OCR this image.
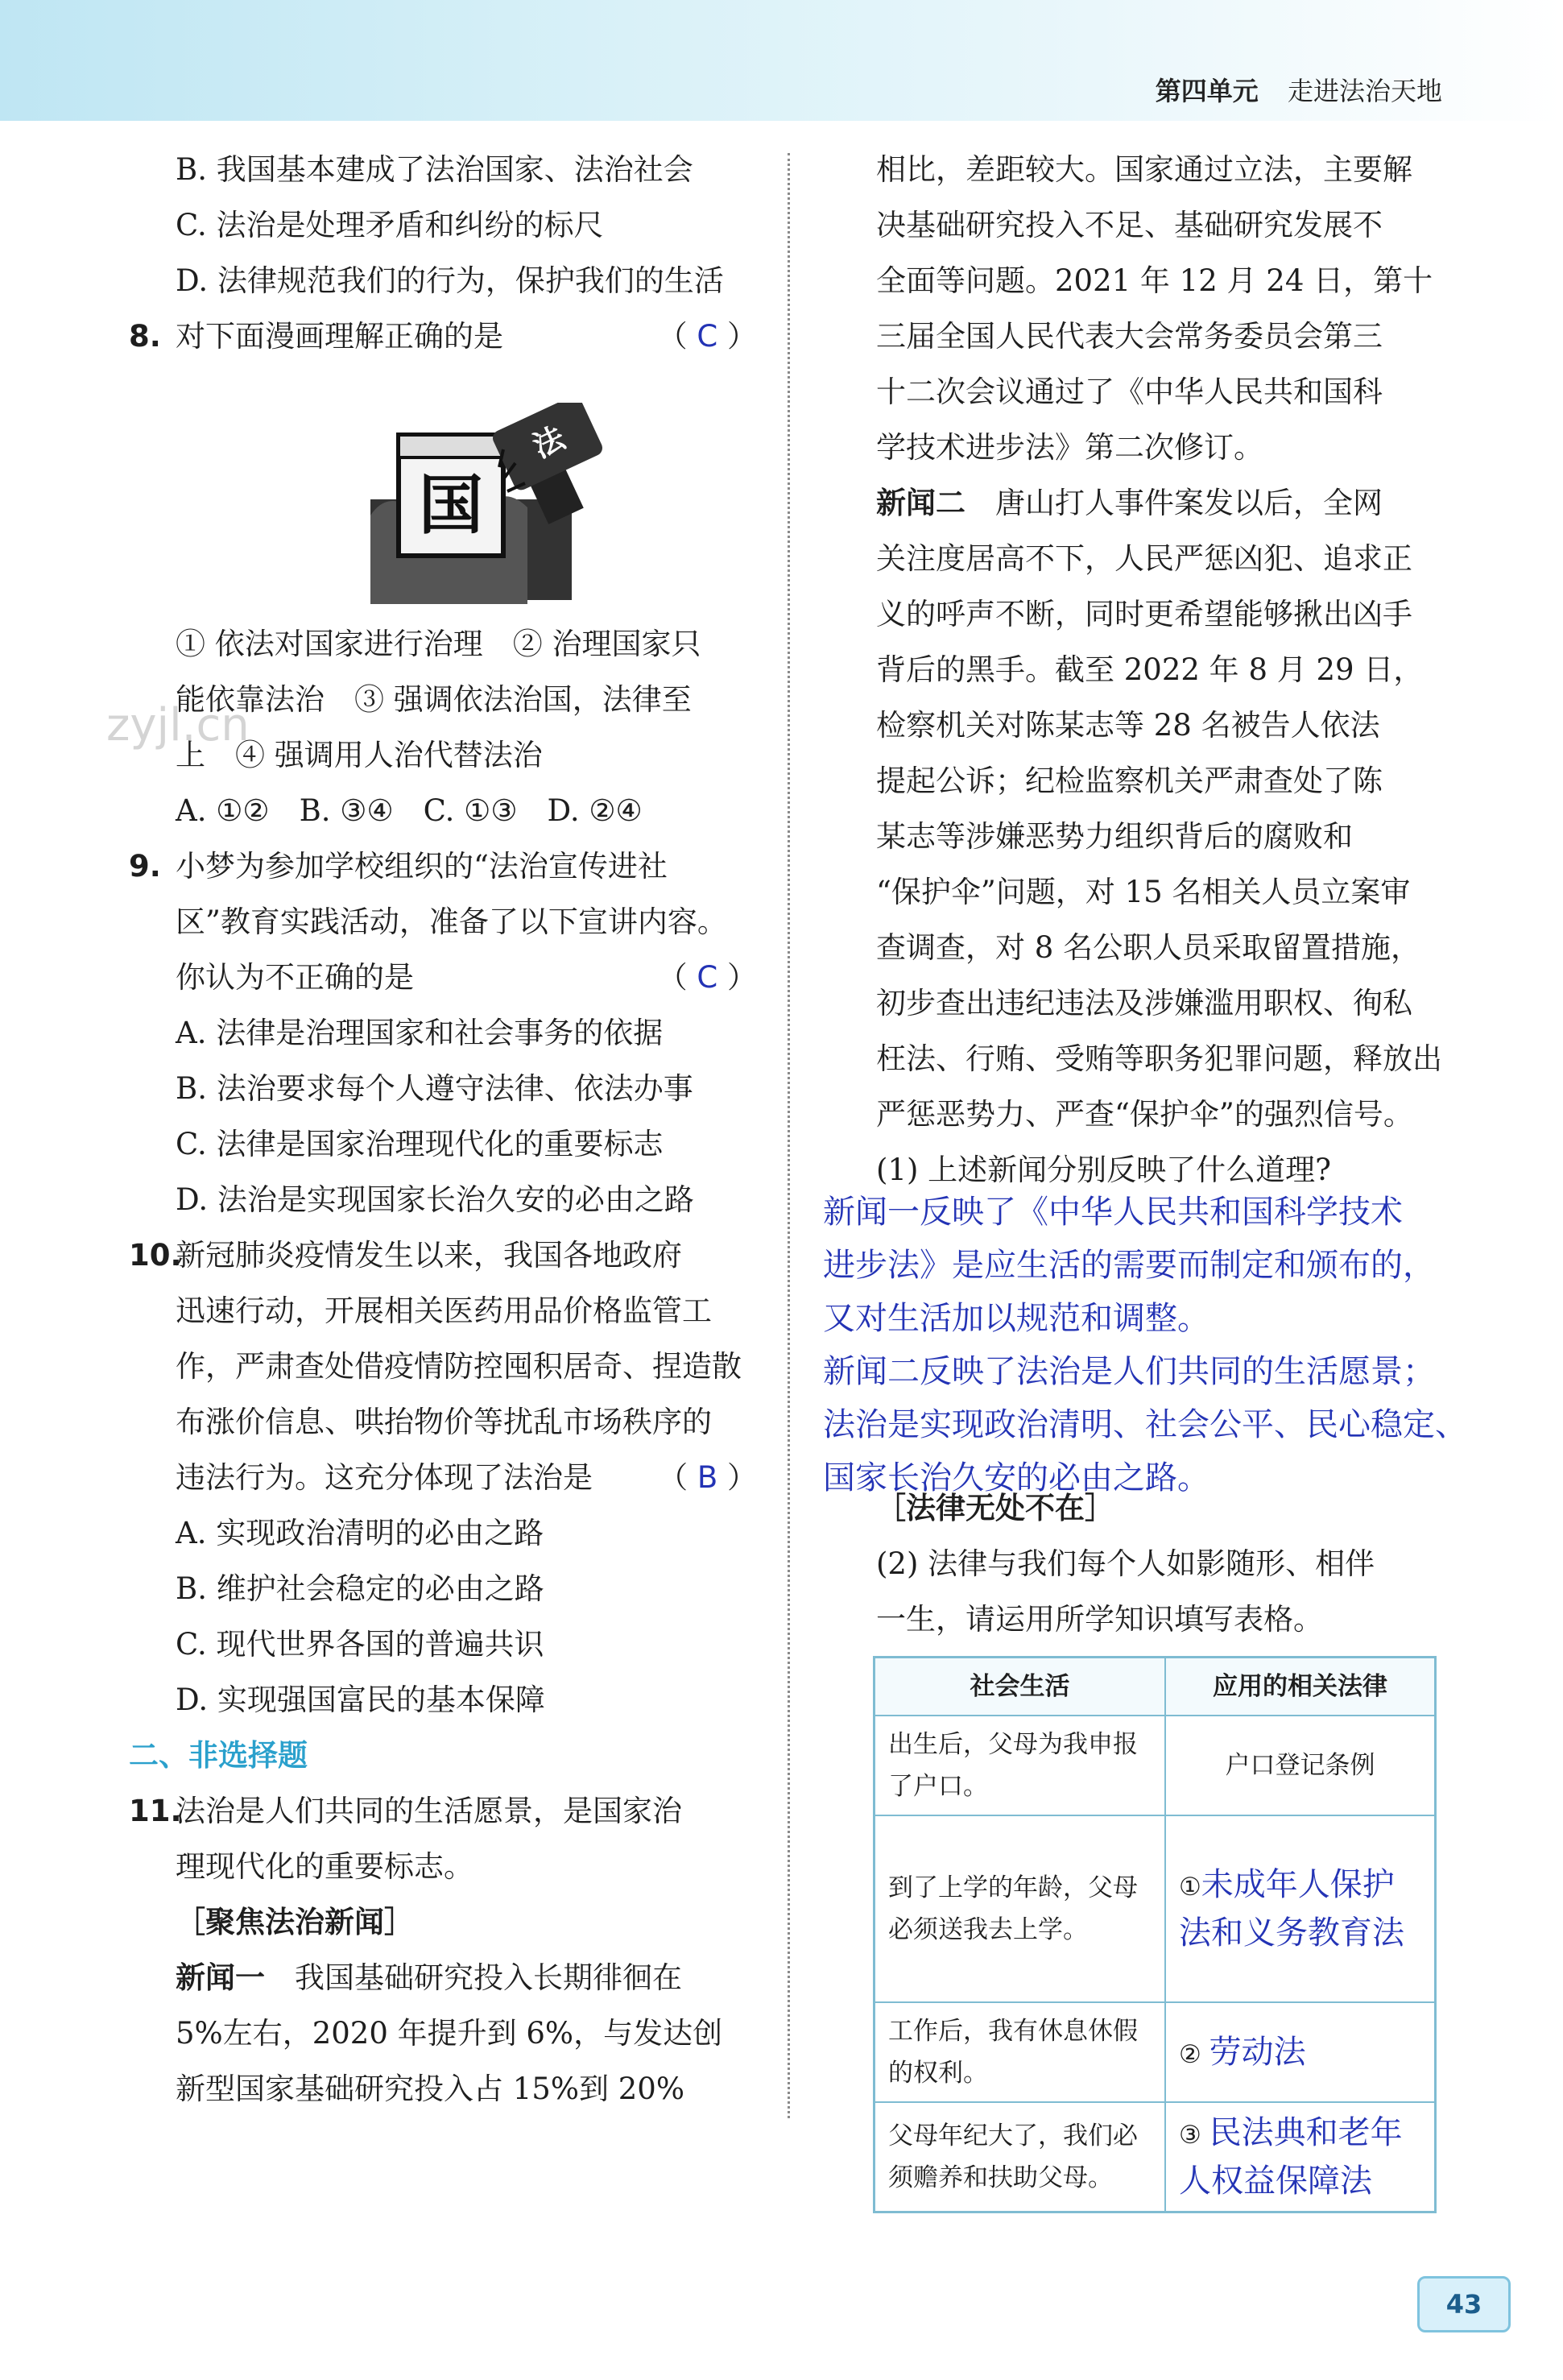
第四单元 走进法治天地
B. 我国基本建成了法治国家、法治社会
C. 法治是处理矛盾和纠纷的标尺
D. 法律规范我们的行为，保护我们的生活
8. 对下面漫画理解正确的是	（ C ）
国
法
zyjl.cn
① 依法对国家进行治理　② 治理国家只
能依靠法治　③ 强调依法治国，法律至
上　④ 强调用人治代替法治
A. ①②　B. ③④　C. ①③　D. ②④
9. 小梦为参加学校组织的“法治宣传进社
区”教育实践活动，准备了以下宣讲内容。
你认为不正确的是	（ C ）
A. 法律是治理国家和社会事务的依据
B. 法治要求每个人遵守法律、依法办事
C. 法律是国家治理现代化的重要标志
D. 法治是实现国家长治久安的必由之路
10.新冠肺炎疫情发生以来，我国各地政府
迅速行动，开展相关医药用品价格监管工
作，严肃查处借疫情防控囤积居奇、捏造散
布涨价信息、哄抬物价等扰乱市场秩序的
违法行为。这充分体现了法治是 （ B ）
A. 实现政治清明的必由之路
B. 维护社会稳定的必由之路
C. 现代世界各国的普遍共识
D. 实现强国富民的基本保障
二、非选择题
11.法治是人们共同的生活愿景，是国家治
理现代化的重要标志。
［聚焦法治新闻］
新闻一　 我国基础研究投入长期徘徊在
5%左右，2020 年提升到 6%，与发达创
新型国家基础研究投入占 15%到 20%
相比，差距较大。国家通过立法，主要解
决基础研究投入不足、基础研究发展不
全面等问题。2021 年 12 月 24 日，第十
三届全国人民代表大会常务委员会第三
十二次会议通过了《中华人民共和国科
学技术进步法》第二次修订。
新闻二　 唐山打人事件案发以后，全网
关注度居高不下，人民严惩凶犯、追求正
义的呼声不断，同时更希望能够揪出凶手
背后的黑手。截至 2022 年 8 月 29 日，
检察机关对陈某志等 28 名被告人依法
提起公诉；纪检监察机关严肃查处了陈
某志等涉嫌恶势力组织背后的腐败和
“保护伞”问题，对 15 名相关人员立案审
查调查，对 8 名公职人员采取留置措施，
初步查出违纪违法及涉嫌滥用职权、徇私
枉法、行贿、受贿等职务犯罪问题，释放出
严惩恶势力、严查“保护伞”的强烈信号。
(1) 上述新闻分别反映了什么道理?
新闻一反映了《中华人民共和国科学技术
进步法》是应生活的需要而制定和颁布的，
又对生活加以规范和调整。
新闻二反映了法治是人们共同的生活愿景；
法治是实现政治清明、社会公平、民心稳定、
国家长治久安的必由之路。
［法律无处不在］
(2) 法律与我们每个人如影随形、相伴
一生，请运用所学知识填写表格。
社会生活	应用的相关法律
出生后，父母为我申报了户口。	户口登记条例
到了上学的年龄，父母必须送我去上学。	①未成年人保护法和义务教育法
工作后，我有休息休假的权利。	② 劳动法
父母年纪大了，我们必须赡养和扶助父母。	③ 民法典和老年人权益保障法
43
